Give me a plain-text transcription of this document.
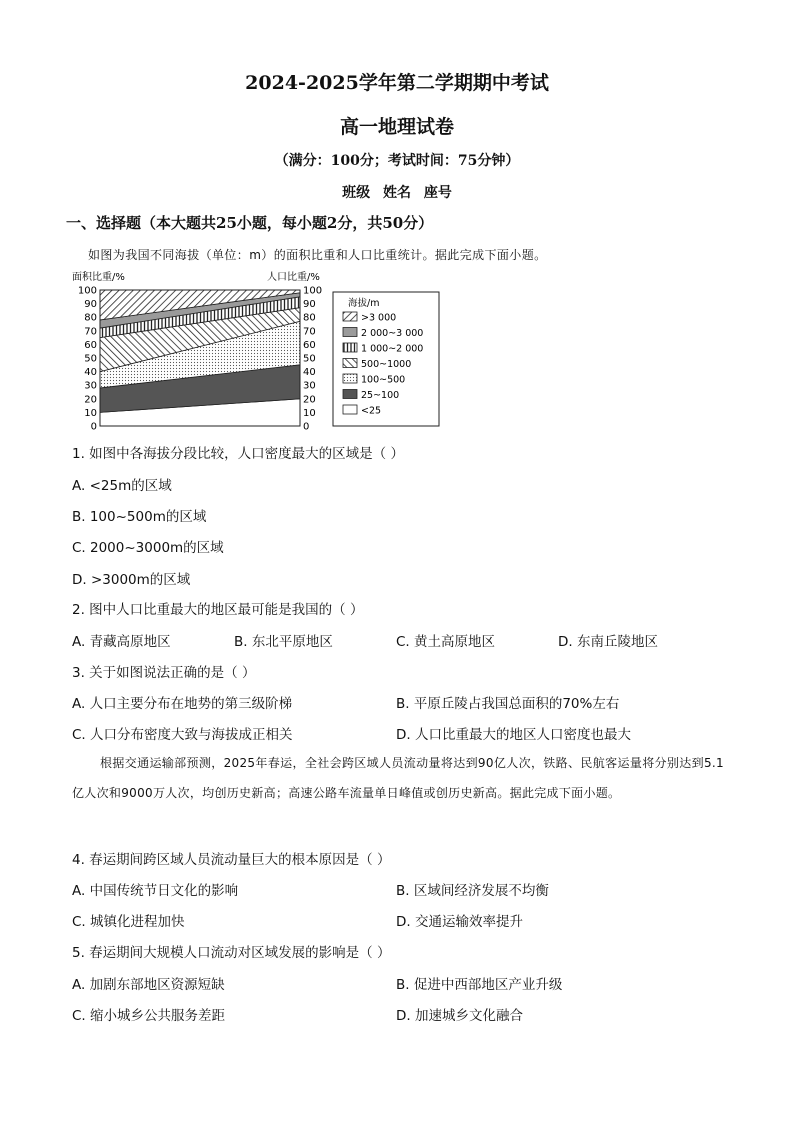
2024-2025学年第二学期期中考试
高一地理试卷
（满分：100分；考试时间：75分钟）
班级 姓名 座号
一、选择题（本大题共25小题，每小题2分，共50分）
如图为我国不同海拔（单位：m）的面积比重和人口比重统计。据此完成下面小题。
面积比重/%	人口比重/%
100	100
90	90
80	80
70	70
60	60
50	50
40	40
30	30
20	20
10	10
0	0
海拔/m
>3 000
2 000~3 000
1 000~2 000
500~1000
100~500
25~100
<25
1. 如图中各海拔分段比较，人口密度最大的区域是（ ）
A. <25m的区域
B. 100~500m的区域
C. 2000~3000m的区域
D. >3000m的区域
2. 图中人口比重最大的地区最可能是我国的（ ）
A. 青藏高原地区	B. 东北平原地区	C. 黄土高原地区	D. 东南丘陵地区
3. 关于如图说法正确的是（ ）
A. 人口主要分布在地势的第三级阶梯	B. 平原丘陵占我国总面积的70%左右
C. 人口分布密度大致与海拔成正相关	D. 人口比重最大的地区人口密度也最大
根据交通运输部预测，2025年春运，全社会跨区域人员流动量将达到90亿人次，铁路、民航客运量将分别达到5.1亿人次和9000万人次，均创历史新高；高速公路车流量单日峰值或创历史新高。据此完成下面小题。
4. 春运期间跨区域人员流动量巨大的根本原因是（ ）
A. 中国传统节日文化的影响	B. 区域间经济发展不均衡
C. 城镇化进程加快	D. 交通运输效率提升
5. 春运期间大规模人口流动对区域发展的影响是（ ）
A. 加剧东部地区资源短缺	B. 促进中西部地区产业升级
C. 缩小城乡公共服务差距	D. 加速城乡文化融合
